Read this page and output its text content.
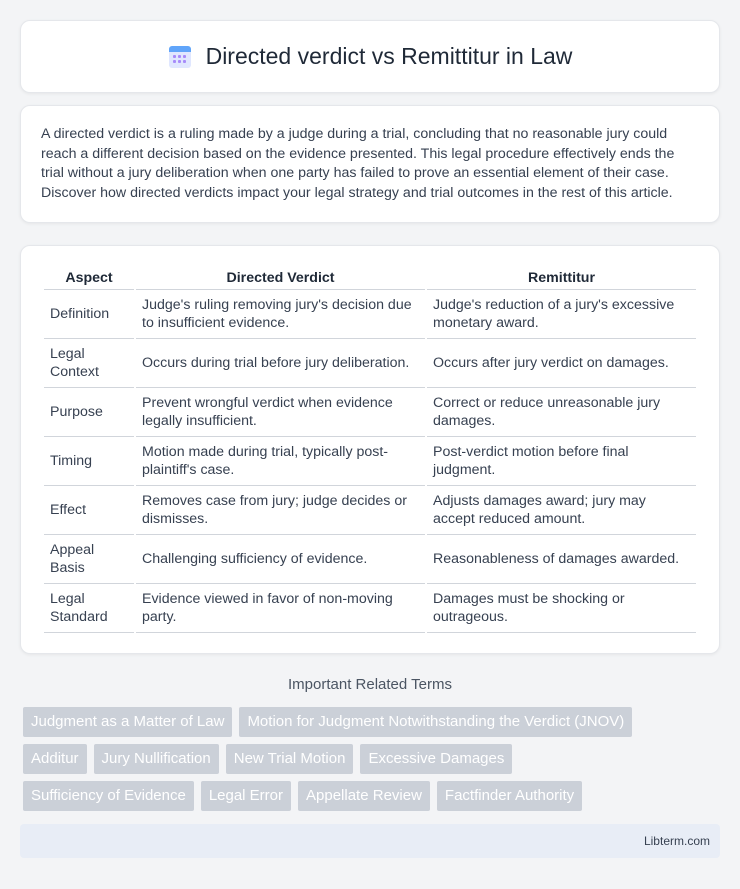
Directed verdict vs Remittitur in Law

A directed verdict is a ruling made by a judge during a trial, concluding that no reasonable jury could reach a different decision based on the evidence presented. This legal procedure effectively ends the trial without a jury deliberation when one party has failed to prove an essential element of their case. Discover how directed verdicts impact your legal strategy and trial outcomes in the rest of this article.

Aspect	Directed Verdict	Remittitur
Definition	Judge's ruling removing jury's decision due to insufficient evidence.	Judge's reduction of a jury's excessive monetary award.
Legal Context	Occurs during trial before jury deliberation.	Occurs after jury verdict on damages.
Purpose	Prevent wrongful verdict when evidence legally insufficient.	Correct or reduce unreasonable jury damages.
Timing	Motion made during trial, typically post-plaintiff's case.	Post-verdict motion before final judgment.
Effect	Removes case from jury; judge decides or dismisses.	Adjusts damages award; jury may accept reduced amount.
Appeal Basis	Challenging sufficiency of evidence.	Reasonableness of damages awarded.
Legal Standard	Evidence viewed in favor of non-moving party.	Damages must be shocking or outrageous.
Important Related Terms
Judgment as a Matter of Law	Motion for Judgment Notwithstanding the Verdict (JNOV)
Additur	Jury Nullification	New Trial Motion	Excessive Damages
Sufficiency of Evidence	Legal Error	Appellate Review	Factfinder Authority
Libterm.com
